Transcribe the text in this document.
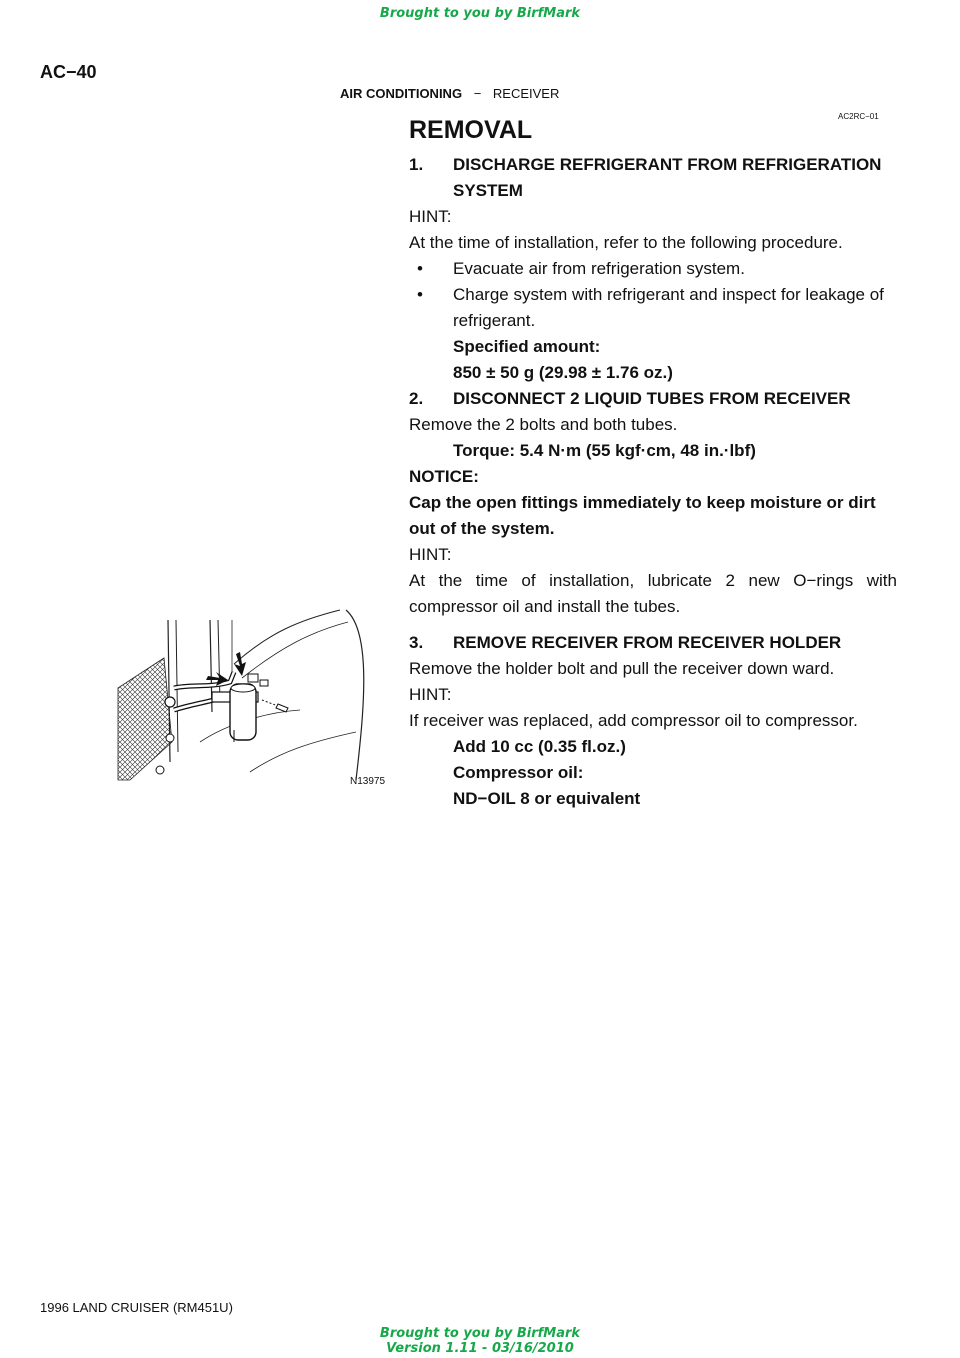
Brought to you by BirfMark
Brought to you by BirfMark
Version 1.11 - 03/16/2010
AC−40
AIR CONDITIONING − RECEIVER
AC2RC−01
REMOVAL
1.	DISCHARGE REFRIGERANT FROM REFRIGERATION SYSTEM
HINT:
At the time of installation, refer to the following procedure.
•	Evacuate air from refrigeration system.
•	Charge system with refrigerant and inspect for leakage of refrigerant.
Specified amount:
850 ± 50 g (29.98 ± 1.76 oz.)
2.	DISCONNECT 2 LIQUID TUBES FROM RECEIVER
Remove the 2 bolts and both tubes.
Torque: 5.4 N·m (55 kgf·cm, 48 in.·lbf)
NOTICE:
Cap the open fittings immediately to keep moisture or dirt out of the system.
HINT:
At the time of installation, lubricate 2 new O−rings with compressor oil and install the tubes.
3.	REMOVE RECEIVER FROM RECEIVER HOLDER
Remove the holder bolt and pull the receiver down ward.
HINT:
If receiver was replaced, add compressor oil to compressor.
Add 10 cc (0.35 fl.oz.)
Compressor oil:
ND−OIL 8 or equivalent
N13975
1996 LAND CRUISER (RM451U)
